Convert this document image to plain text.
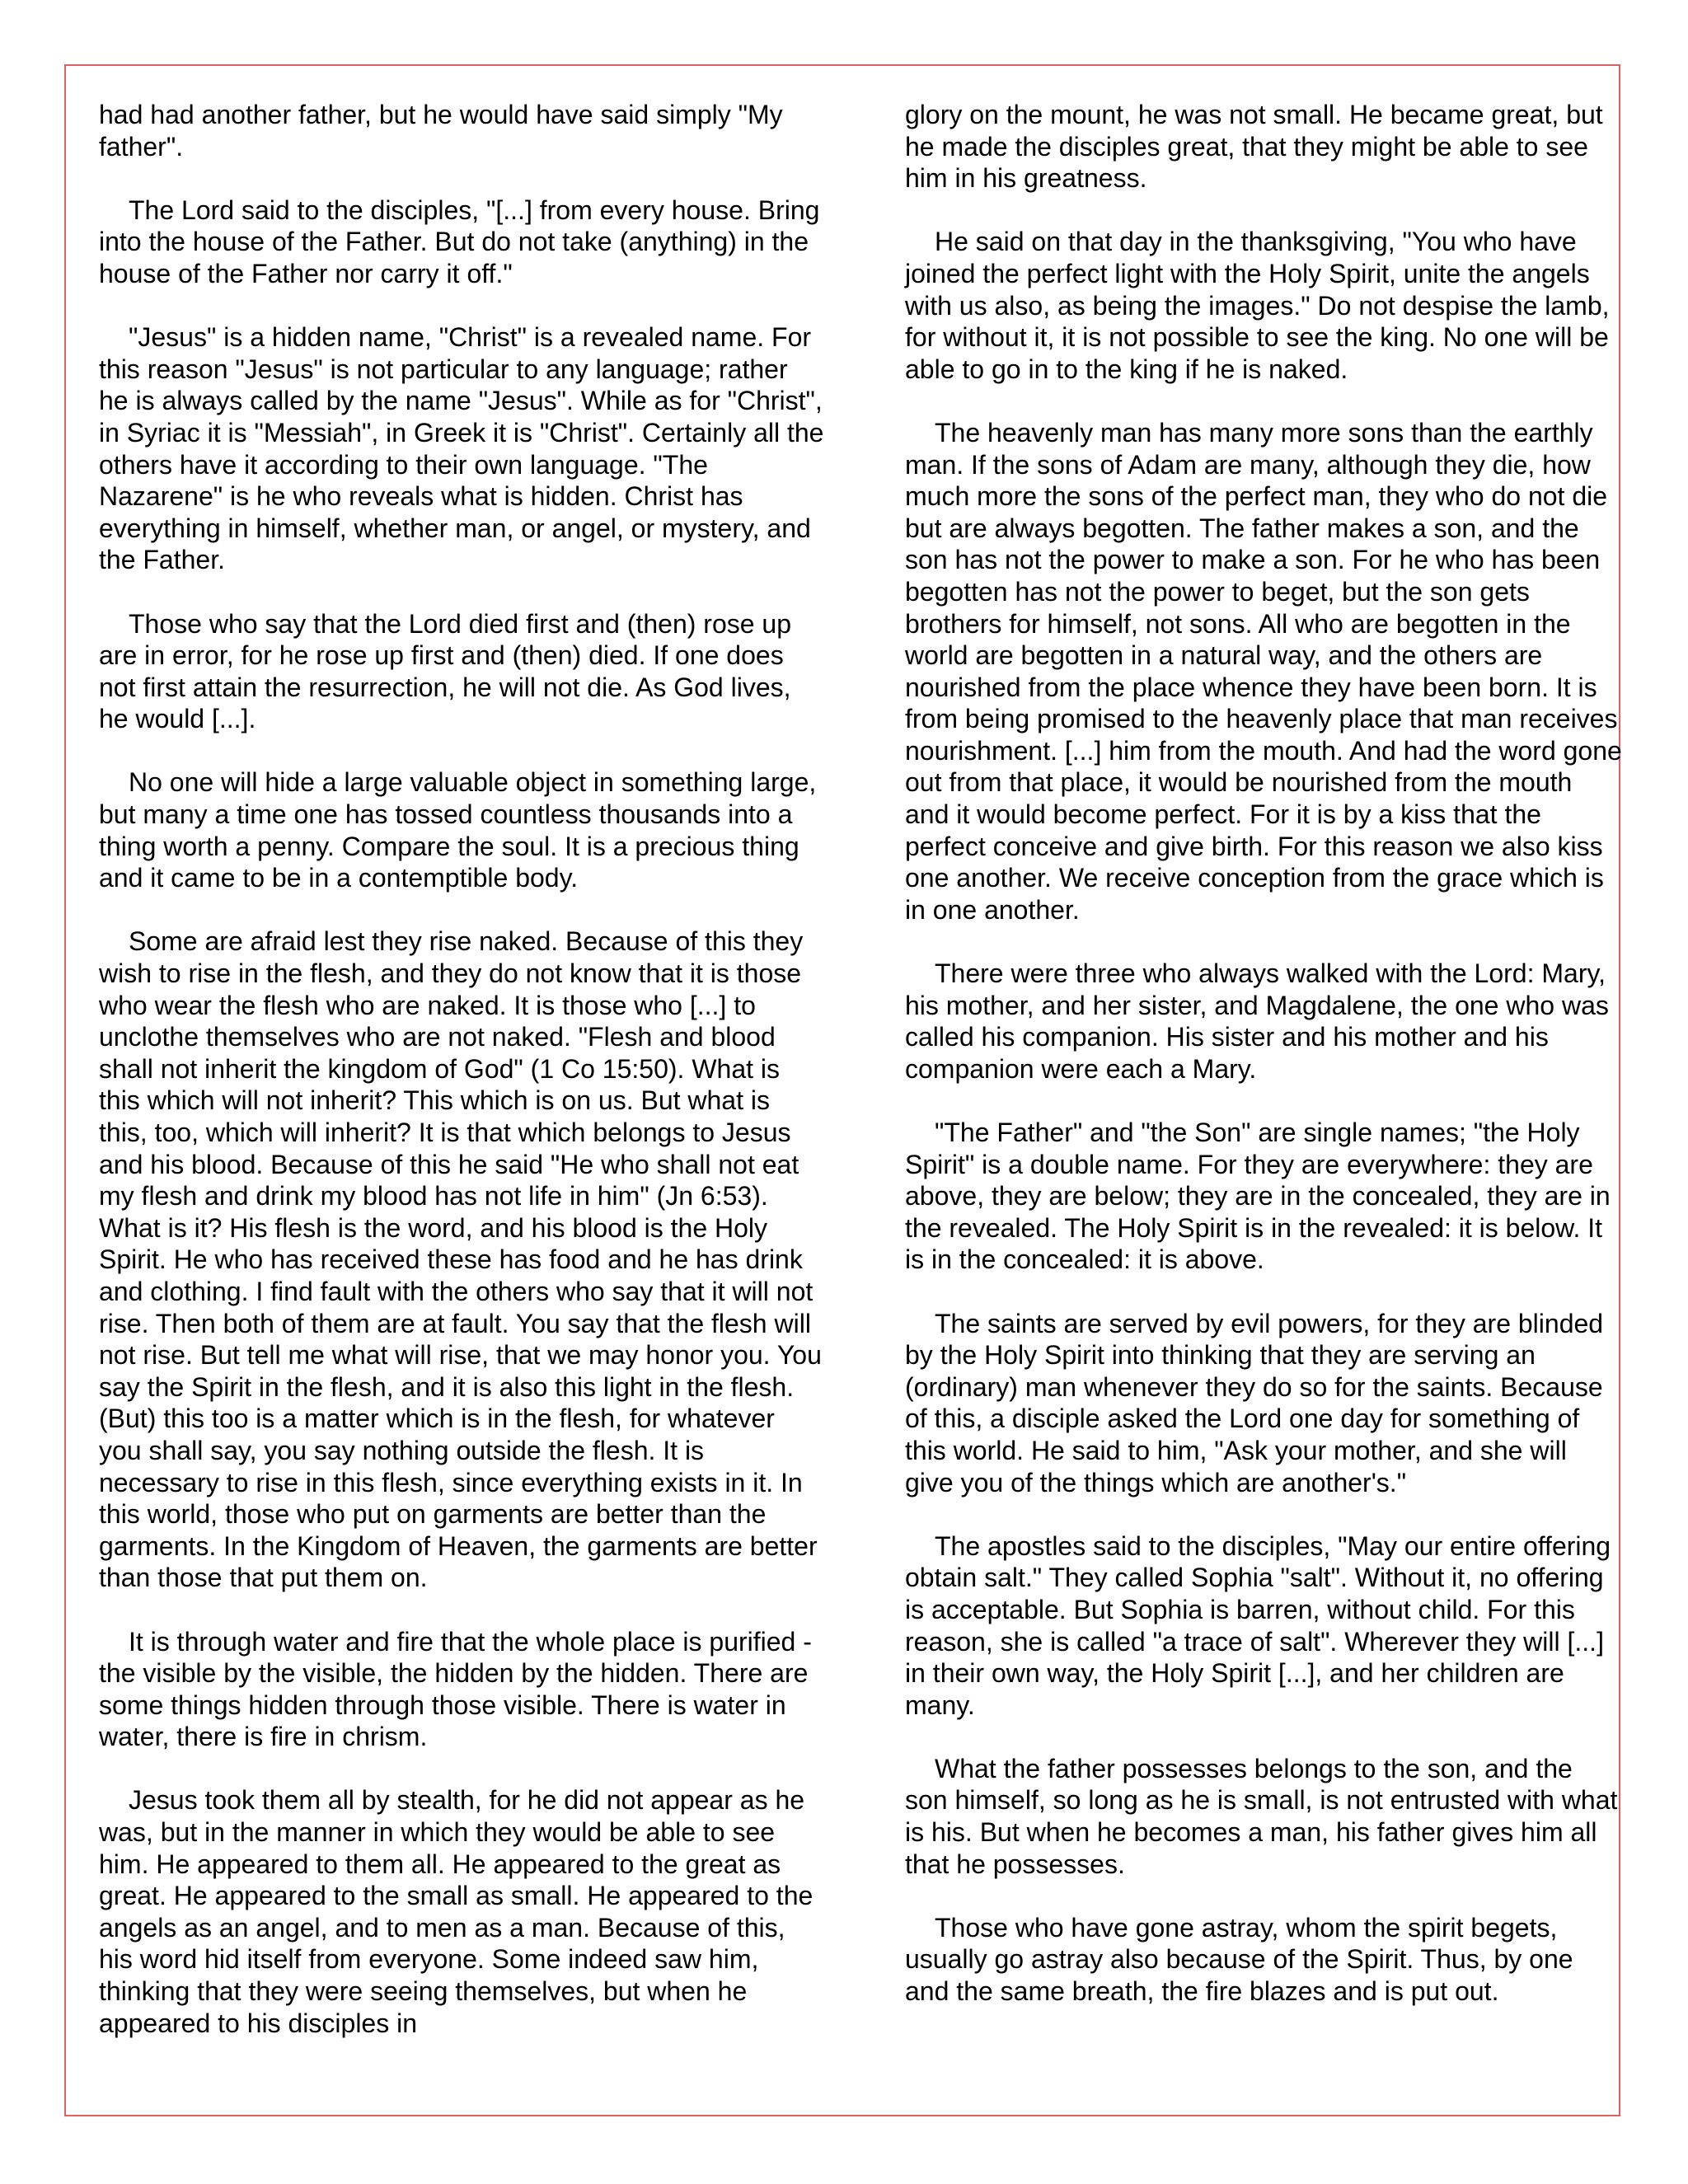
had had another father, but he would have said simply "My father".

The Lord said to the disciples, "[...] from every house. Bring into the house of the Father. But do not take (anything) in the house of the Father nor carry it off."

"Jesus" is a hidden name, "Christ" is a revealed name. For this reason "Jesus" is not particular to any language; rather he is always called by the name "Jesus". While as for "Christ", in Syriac it is "Messiah", in Greek it is "Christ". Certainly all the others have it according to their own language. "The Nazarene" is he who reveals what is hidden. Christ has everything in himself, whether man, or angel, or mystery, and the Father.

Those who say that the Lord died first and (then) rose up are in error, for he rose up first and (then) died. If one does not first attain the resurrection, he will not die. As God lives, he would [...].

No one will hide a large valuable object in something large, but many a time one has tossed countless thousands into a thing worth a penny. Compare the soul. It is a precious thing and it came to be in a contemptible body.

Some are afraid lest they rise naked. Because of this they wish to rise in the flesh, and they do not know that it is those who wear the flesh who are naked. It is those who [...] to unclothe themselves who are not naked. "Flesh and blood shall not inherit the kingdom of God" (1 Co 15:50). What is this which will not inherit? This which is on us. But what is this, too, which will inherit? It is that which belongs to Jesus and his blood. Because of this he said "He who shall not eat my flesh and drink my blood has not life in him" (Jn 6:53). What is it? His flesh is the word, and his blood is the Holy Spirit. He who has received these has food and he has drink and clothing. I find fault with the others who say that it will not rise. Then both of them are at fault. You say that the flesh will not rise. But tell me what will rise, that we may honor you. You say the Spirit in the flesh, and it is also this light in the flesh. (But) this too is a matter which is in the flesh, for whatever you shall say, you say nothing outside the flesh. It is necessary to rise in this flesh, since everything exists in it. In this world, those who put on garments are better than the garments. In the Kingdom of Heaven, the garments are better than those that put them on.

It is through water and fire that the whole place is purified - the visible by the visible, the hidden by the hidden. There are some things hidden through those visible. There is water in water, there is fire in chrism.

Jesus took them all by stealth, for he did not appear as he was, but in the manner in which they would be able to see him. He appeared to them all. He appeared to the great as great. He appeared to the small as small. He appeared to the angels as an angel, and to men as a man. Because of this, his word hid itself from everyone. Some indeed saw him, thinking that they were seeing themselves, but when he appeared to his disciples in

glory on the mount, he was not small. He became great, but he made the disciples great, that they might be able to see him in his greatness.

He said on that day in the thanksgiving, "You who have joined the perfect light with the Holy Spirit, unite the angels with us also, as being the images." Do not despise the lamb, for without it, it is not possible to see the king. No one will be able to go in to the king if he is naked.

The heavenly man has many more sons than the earthly man. If the sons of Adam are many, although they die, how much more the sons of the perfect man, they who do not die but are always begotten. The father makes a son, and the son has not the power to make a son. For he who has been begotten has not the power to beget, but the son gets brothers for himself, not sons. All who are begotten in the world are begotten in a natural way, and the others are nourished from the place whence they have been born. It is from being promised to the heavenly place that man receives nourishment. [...] him from the mouth. And had the word gone out from that place, it would be nourished from the mouth and it would become perfect. For it is by a kiss that the perfect conceive and give birth. For this reason we also kiss one another. We receive conception from the grace which is in one another.

There were three who always walked with the Lord: Mary, his mother, and her sister, and Magdalene, the one who was called his companion. His sister and his mother and his companion were each a Mary.

"The Father" and "the Son" are single names; "the Holy Spirit" is a double name. For they are everywhere: they are above, they are below; they are in the concealed, they are in the revealed. The Holy Spirit is in the revealed: it is below. It is in the concealed: it is above.

The saints are served by evil powers, for they are blinded by the Holy Spirit into thinking that they are serving an (ordinary) man whenever they do so for the saints. Because of this, a disciple asked the Lord one day for something of this world. He said to him, "Ask your mother, and she will give you of the things which are another's."

The apostles said to the disciples, "May our entire offering obtain salt." They called Sophia "salt". Without it, no offering is acceptable. But Sophia is barren, without child. For this reason, she is called "a trace of salt". Wherever they will [...] in their own way, the Holy Spirit [...], and her children are many.

What the father possesses belongs to the son, and the son himself, so long as he is small, is not entrusted with what is his. But when he becomes a man, his father gives him all that he possesses.

Those who have gone astray, whom the spirit begets, usually go astray also because of the Spirit. Thus, by one and the same breath, the fire blazes and is put out.
